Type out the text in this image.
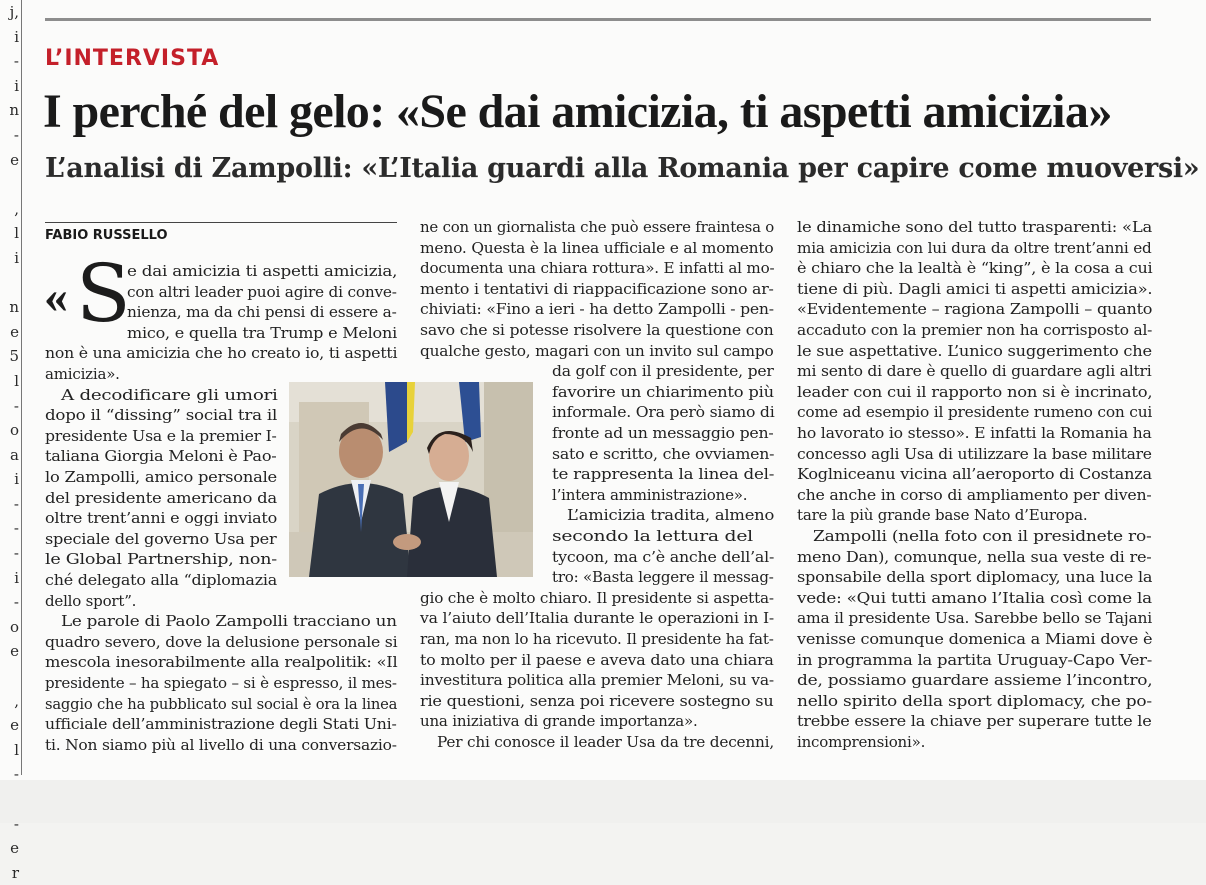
j,
i
-
i
n
-
e
,
l
i
n
e
5
l
-
o
a
i
-
-
-
i
-
o
e
,
e
l
-
-
e
r
L’INTERVISTA
I perché del gelo: «Se dai amicizia, ti aspetti amicizia»
L’analisi di Zampolli: «L’Italia guardi alla Romania per capire come muoversi»
FABIO RUSSELLO
« S
e dai amicizia ti aspetti amicizia,
con altri leader puoi agire di conve-
nienza, ma da chi pensi di essere a-
mico, e quella tra Trump e Meloni
non è una amicizia che ho creato io, ti aspetti
amicizia».
A decodificare gli umori
dopo il “dissing” social tra il
presidente Usa e la premier I-
taliana Giorgia Meloni è Pao-
lo Zampolli, amico personale
del presidente americano da
oltre trent’anni e oggi inviato
speciale del governo Usa per
le Global Partnership, non-
ché delegato alla “diplomazia
dello sport”.
Le parole di Paolo Zampolli tracciano un
quadro severo, dove la delusione personale si
mescola inesorabilmente alla realpolitik: «Il
presidente – ha spiegato – si è espresso, il mes-
saggio che ha pubblicato sul social è ora la linea
ufficiale dell’amministrazione degli Stati Uni-
ti. Non siamo più al livello di una conversazio-
ne con un giornalista che può essere fraintesa o
meno. Questa è la linea ufficiale e al momento
documenta una chiara rottura». E infatti al mo-
mento i tentativi di riappacificazione sono ar-
chiviati: «Fino a ieri - ha detto Zampolli - pen-
savo che si potesse risolvere la questione con
qualche gesto, magari con un invito sul campo
da golf con il presidente, per
favorire un chiarimento più
informale. Ora però siamo di
fronte ad un messaggio pen-
sato e scritto, che ovviamen-
te rappresenta la linea del-
l’intera amministrazione».
L’amicizia tradita, almeno
secondo la lettura del
tycoon, ma c’è anche dell’al-
tro: «Basta leggere il messag-
gio che è molto chiaro. Il presidente si aspetta-
va l’aiuto dell’Italia durante le operazioni in I-
ran, ma non lo ha ricevuto. Il presidente ha fat-
to molto per il paese e aveva dato una chiara
investitura politica alla premier Meloni, su va-
rie questioni, senza poi ricevere sostegno su
una iniziativa di grande importanza».
Per chi conosce il leader Usa da tre decenni,
le dinamiche sono del tutto trasparenti: «La
mia amicizia con lui dura da oltre trent’anni ed
è chiaro che la lealtà è “king”, è la cosa a cui
tiene di più. Dagli amici ti aspetti amicizia».
«Evidentemente – ragiona Zampolli – quanto
accaduto con la premier non ha corrisposto al-
le sue aspettative. L’unico suggerimento che
mi sento di dare è quello di guardare agli altri
leader con cui il rapporto non si è incrinato,
come ad esempio il presidente rumeno con cui
ho lavorato io stesso». E infatti la Romania ha
concesso agli Usa di utilizzare la base militare
Koglniceanu vicina all’aeroporto di Costanza
che anche in corso di ampliamento per diven-
tare la più grande base Nato d’Europa.
Zampolli (nella foto con il presidnete ro-
meno Dan), comunque, nella sua veste di re-
sponsabile della sport diplomacy, una luce la
vede: «Qui tutti amano l’Italia così come la
ama il presidente Usa. Sarebbe bello se Tajani
venisse comunque domenica a Miami dove è
in programma la partita Uruguay-Capo Ver-
de, possiamo guardare assieme l’incontro,
nello spirito della sport diplomacy, che po-
trebbe essere la chiave per superare tutte le
incomprensioni».
